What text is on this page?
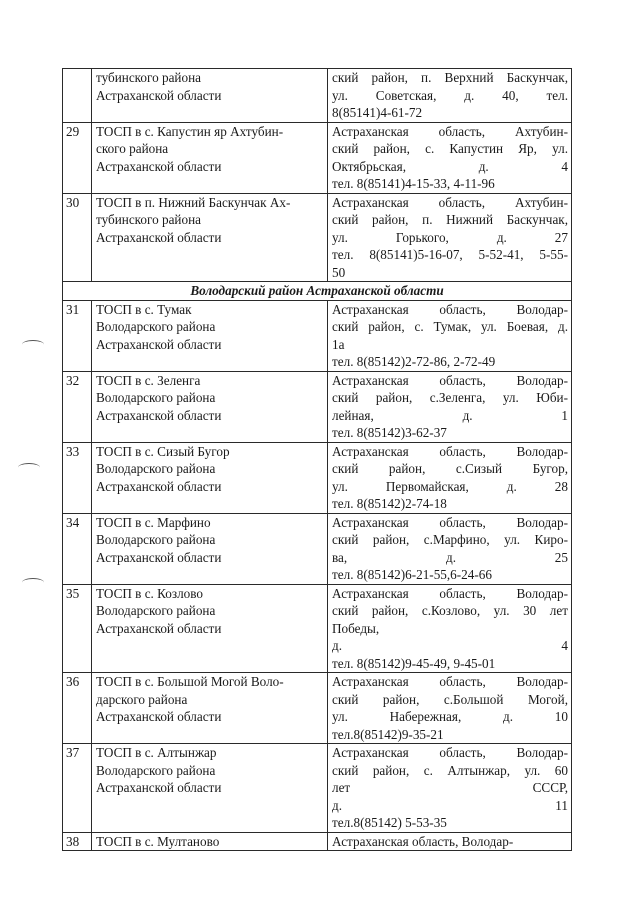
	тубинского района
Астраханской области	ский район, п. Верхний Баскунчак,
ул. Советская, д. 40, тел.
8(85141)4-61-72

29	ТОСП в с. Капустин яр Ахтубин-
ского района
Астраханской области	Астраханская область, Ахтубин-
ский район, с. Капустин Яр, ул.
Октябрьская, д. 4
тел. 8(85141)4-15-33, 4-11-96

30	ТОСП в п. Нижний Баскунчак Ах-
тубинского района
Астраханской области	Астраханская область, Ахтубин-
ский район, п. Нижний Баскунчак,
ул. Горького, д. 27
тел. 8(85141)5-16-07, 5-52-41, 5-55-
50

Володарский район Астраханской области		
31	ТОСП в с. Тумак
Володарского района
Астраханской области	Астраханская область, Володар-
ский район, с. Тумак, ул. Боевая, д.
1а
тел. 8(85142)2-72-86, 2-72-49

32	ТОСП в с. Зеленга
Володарского района
Астраханской области	Астраханская область, Володар-
ский район, с.Зеленга, ул. Юби-
лейная, д. 1
тел. 8(85142)3-62-37

33	ТОСП в с. Сизый Бугор
Володарского района
Астраханской области	Астраханская область, Володар-
ский район, с.Сизый Бугор,
ул. Первомайская, д. 28
тел. 8(85142)2-74-18

34	ТОСП в с. Марфино
Володарского района
Астраханской области	Астраханская область, Володар-
ский район, с.Марфино, ул. Киро-
ва, д. 25
тел. 8(85142)6-21-55,6-24-66

35	ТОСП в с. Козлово
Володарского района
Астраханской области	Астраханская область, Володар-
ский район, с.Козлово, ул. 30 лет
Победы,
д. 4
тел. 8(85142)9-45-49, 9-45-01

36	ТОСП в с. Большой Могой Воло-
дарского района
Астраханской области	Астраханская область, Володар-
ский район, с.Большой Могой,
ул. Набережная, д. 10
тел.8(85142)9-35-21

37	ТОСП в с. Алтынжар
Володарского района
Астраханской области	Астраханская область, Володар-
ский район, с. Алтынжар, ул. 60
лет СССР,
д. 11
тел.8(85142) 5-53-35

38	ТОСП в с. Мултаново	Астраханская область, Володар-
